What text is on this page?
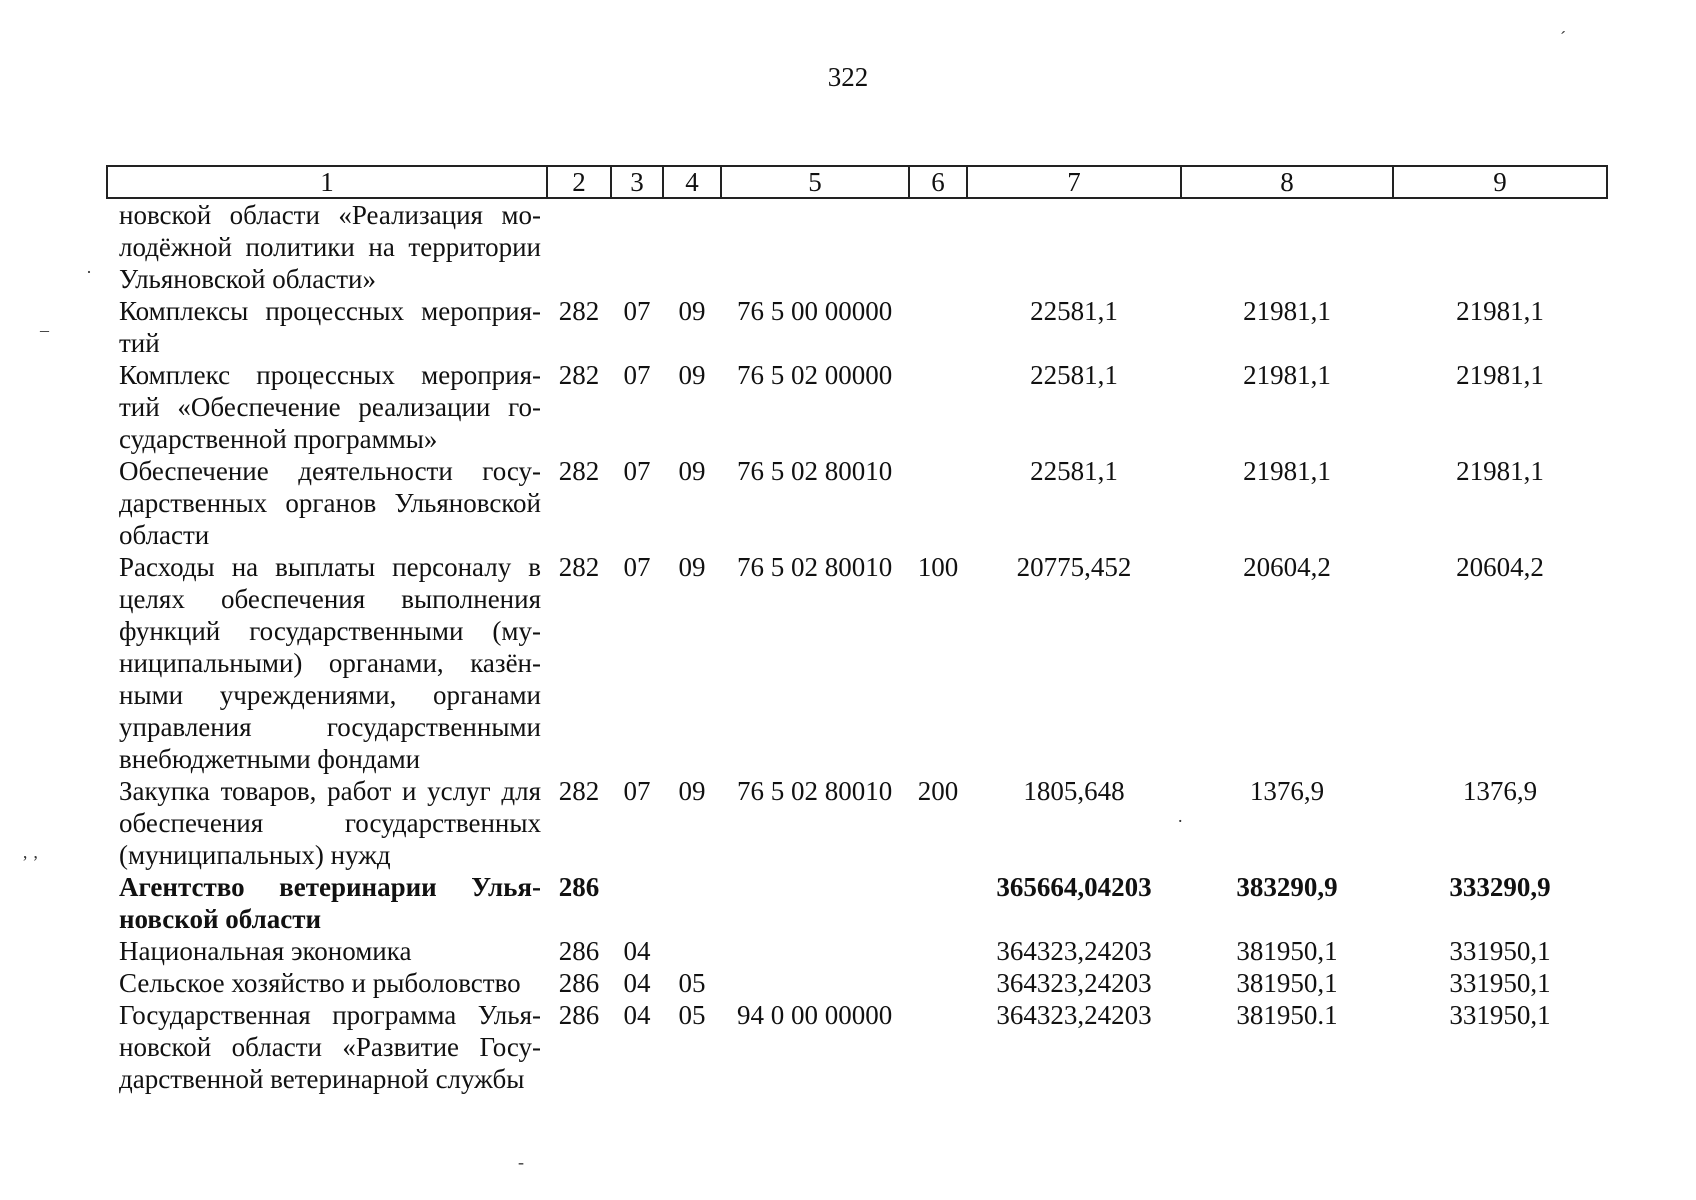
322
1	2	3	4	5	6	7	8	9
новской области «Реализация мо-лодёжной политики на территории Ульяновской области»								
Комплексы процессных мероприя-тий	282	07	09	76 5 00 00000		22581,1	21981,1	21981,1
Комплекс процессных мероприя-тий «Обеспечение реализации го-сударственной программы»	282	07	09	76 5 02 00000		22581,1	21981,1	21981,1
Обеспечение деятельности госу-дарственных органов Ульяновской области	282	07	09	76 5 02 80010		22581,1	21981,1	21981,1
Расходы на выплаты персоналу в целях обеспечения выполнения функций государственными (му-ниципальными) органами, казён-ными учреждениями, органами управления государственными внебюджетными фондами	282	07	09	76 5 02 80010	100	20775,452	20604,2	20604,2
Закупка товаров, работ и услуг для обеспечения государственных (муниципальных) нужд	282	07	09	76 5 02 80010	200	1805,648	1376,9	1376,9
Агентство ветеринарии Улья-новской области	286					365664,04203	383290,9	333290,9
Национальная экономика	286	04				364323,24203	381950,1	331950,1
Сельское хозяйство и рыболовство	286	04	05			364323,24203	381950,1	331950,1
Государственная программа Улья-новской области «Развитие Госу-дарственной ветеринарной службы	286	04	05	94 0 00 00000		364323,24203	381950.1	331950,1
ˊ
–
·
ʼ ʼ
-
.
